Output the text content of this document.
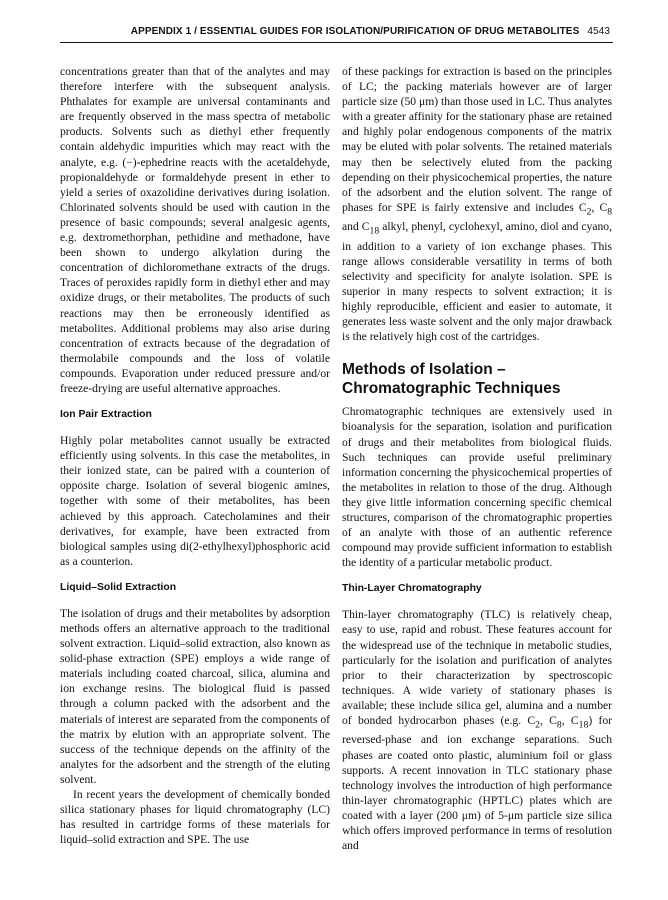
APPENDIX 1 / ESSENTIAL GUIDES FOR ISOLATION/PURIFICATION OF DRUG METABOLITES 4543

concentrations greater than that of the analytes and may therefore interfere with the subsequent analysis. Phthalates for example are universal contaminants and are frequently observed in the mass spectra of metabolic products. Solvents such as diethyl ether frequently contain aldehydic impurities which may react with the analyte, e.g. (−)-ephedrine reacts with the acetaldehyde, propionaldehyde or formaldehyde present in ether to yield a series of oxazolidine derivatives during isolation. Chlorinated solvents should be used with caution in the presence of basic compounds; several analgesic agents, e.g. dextromethorphan, pethidine and methadone, have been shown to undergo alkylation during the concentration of dichloromethane extracts of the drugs. Traces of peroxides rapidly form in diethyl ether and may oxidize drugs, or their metabolites. The products of such reactions may then be erroneously identified as metabolites. Additional problems may also arise during concentration of extracts because of the degradation of thermolabile compounds and the loss of volatile compounds. Evaporation under reduced pressure and/or freeze-drying are useful alternative approaches.

Ion Pair Extraction

Highly polar metabolites cannot usually be extracted efficiently using solvents. In this case the metabolites, in their ionized state, can be paired with a counterion of opposite charge. Isolation of several biogenic amines, together with some of their metabolites, has been achieved by this approach. Catecholamines and their derivatives, for example, have been extracted from biological samples using di(2-ethylhexyl)phosphoric acid as a counterion.

Liquid–Solid Extraction

The isolation of drugs and their metabolites by adsorption methods offers an alternative approach to the traditional solvent extraction. Liquid–solid extraction, also known as solid-phase extraction (SPE) employs a wide range of materials including coated charcoal, silica, alumina and ion exchange resins. The biological fluid is passed through a column packed with the adsorbent and the materials of interest are separated from the components of the matrix by elution with an appropriate solvent. The success of the technique depends on the affinity of the analytes for the adsorbent and the strength of the eluting solvent.

In recent years the development of chemically bonded silica stationary phases for liquid chromatography (LC) has resulted in cartridge forms of these materials for liquid–solid extraction and SPE. The use

of these packings for extraction is based on the principles of LC; the packing materials however are of larger particle size (50 μm) than those used in LC. Thus analytes with a greater affinity for the stationary phase are retained and highly polar endogenous components of the matrix may be eluted with polar solvents. The retained materials may then be selectively eluted from the packing depending on their physicochemical properties, the nature of the adsorbent and the elution solvent. The range of phases for SPE is fairly extensive and includes $C_2$, $C_8$ and $C_{18}$ alkyl, phenyl, cyclohexyl, amino, diol and cyano, in addition to a variety of ion exchange phases. This range allows considerable versatility in terms of both selectivity and specificity for analyte isolation. SPE is superior in many respects to solvent extraction; it is highly reproducible, efficient and easier to automate, it generates less waste solvent and the only major drawback is the relatively high cost of the cartridges.

Methods of Isolation –
Chromatographic Techniques

Chromatographic techniques are extensively used in bioanalysis for the separation, isolation and purification of drugs and their metabolites from biological fluids. Such techniques can provide useful preliminary information concerning the physicochemical properties of the metabolites in relation to those of the drug. Although they give little information concerning specific chemical structures, comparison of the chromatographic properties of an analyte with those of an authentic reference compound may provide sufficient information to establish the identity of a particular metabolic product.

Thin-Layer Chromatography

Thin-layer chromatography (TLC) is relatively cheap, easy to use, rapid and robust. These features account for the widespread use of the technique in metabolic studies, particularly for the isolation and purification of analytes prior to their characterization by spectroscopic techniques. A wide variety of stationary phases is available; these include silica gel, alumina and a number of bonded hydrocarbon phases (e.g. $C_2$, $C_8$, $C_{18}$) for reversed-phase and ion exchange separations. Such phases are coated onto plastic, aluminium foil or glass supports. A recent innovation in TLC stationary phase technology involves the introduction of high performance thin-layer chromatographic (HPTLC) plates which are coated with a layer (200 μm) of 5-μm particle size silica which offers improved performance in terms of resolution and
